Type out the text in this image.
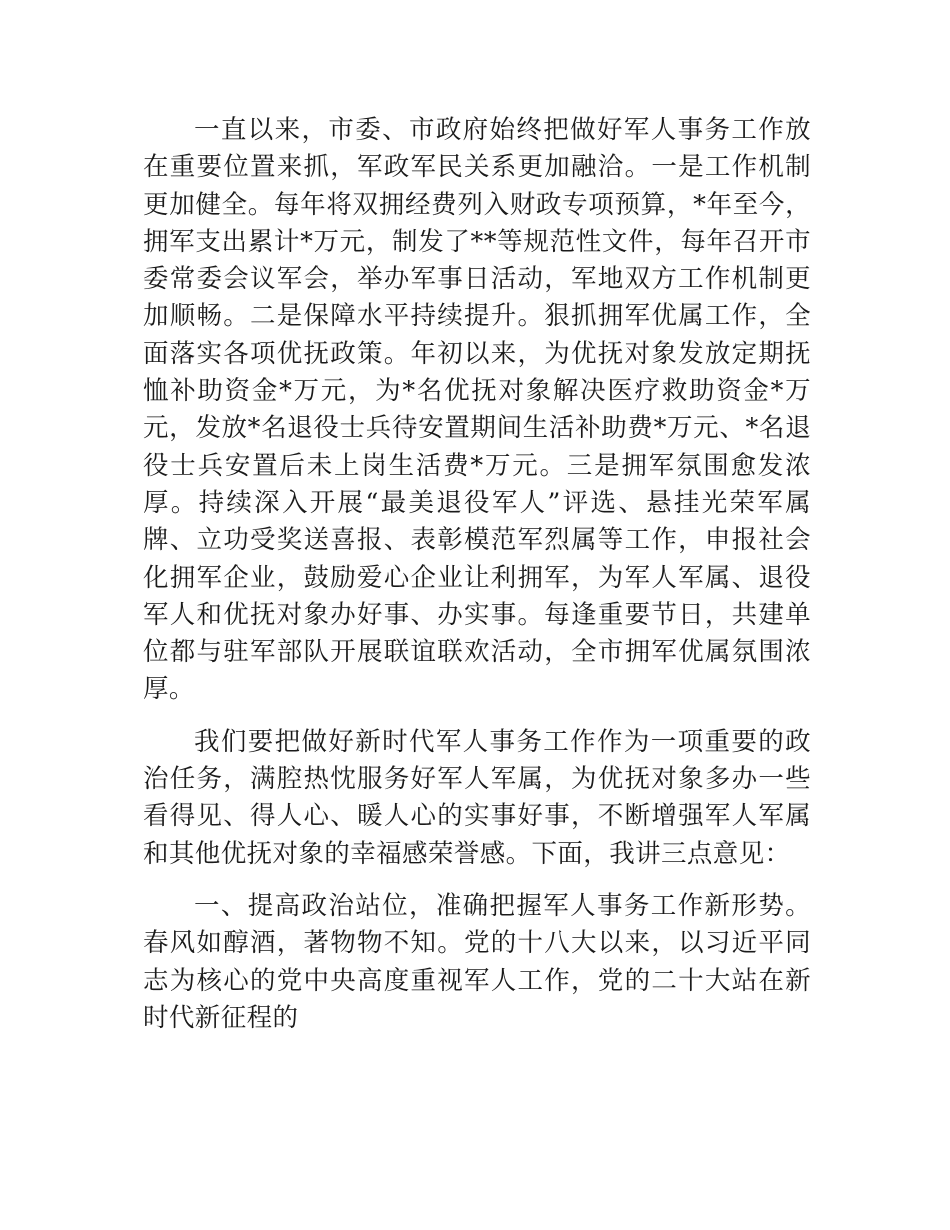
一直以来，市委、市政府始终把做好军人事务工作放在重要位置来抓，军政军民关系更加融洽。一是工作机制更加健全。每年将双拥经费列入财政专项预算，*年至今，拥军支出累计*万元，制发了**等规范性文件，每年召开市委常委会议军会，举办军事日活动，军地双方工作机制更加顺畅。二是保障水平持续提升。狠抓拥军优属工作，全面落实各项优抚政策。年初以来，为优抚对象发放定期抚恤补助资金*万元，为*名优抚对象解决医疗救助资金*万元，发放*名退役士兵待安置期间生活补助费*万元、*名退役士兵安置后未上岗生活费*万元。三是拥军氛围愈发浓厚。持续深入开展“最美退役军人”评选、悬挂光荣军属牌、立功受奖送喜报、表彰模范军烈属等工作，申报社会化拥军企业，鼓励爱心企业让利拥军，为军人军属、退役军人和优抚对象办好事、办实事。每逢重要节日，共建单位都与驻军部队开展联谊联欢活动，全市拥军优属氛围浓厚。

我们要把做好新时代军人事务工作作为一项重要的政治任务，满腔热忱服务好军人军属，为优抚对象多办一些看得见、得人心、暖人心的实事好事，不断增强军人军属和其他优抚对象的幸福感荣誉感。下面，我讲三点意见：

一、提高政治站位，准确把握军人事务工作新形势。春风如醇酒，著物物不知。党的十八大以来，以习近平同志为核心的党中央高度重视军人工作，党的二十大站在新时代新征程的
